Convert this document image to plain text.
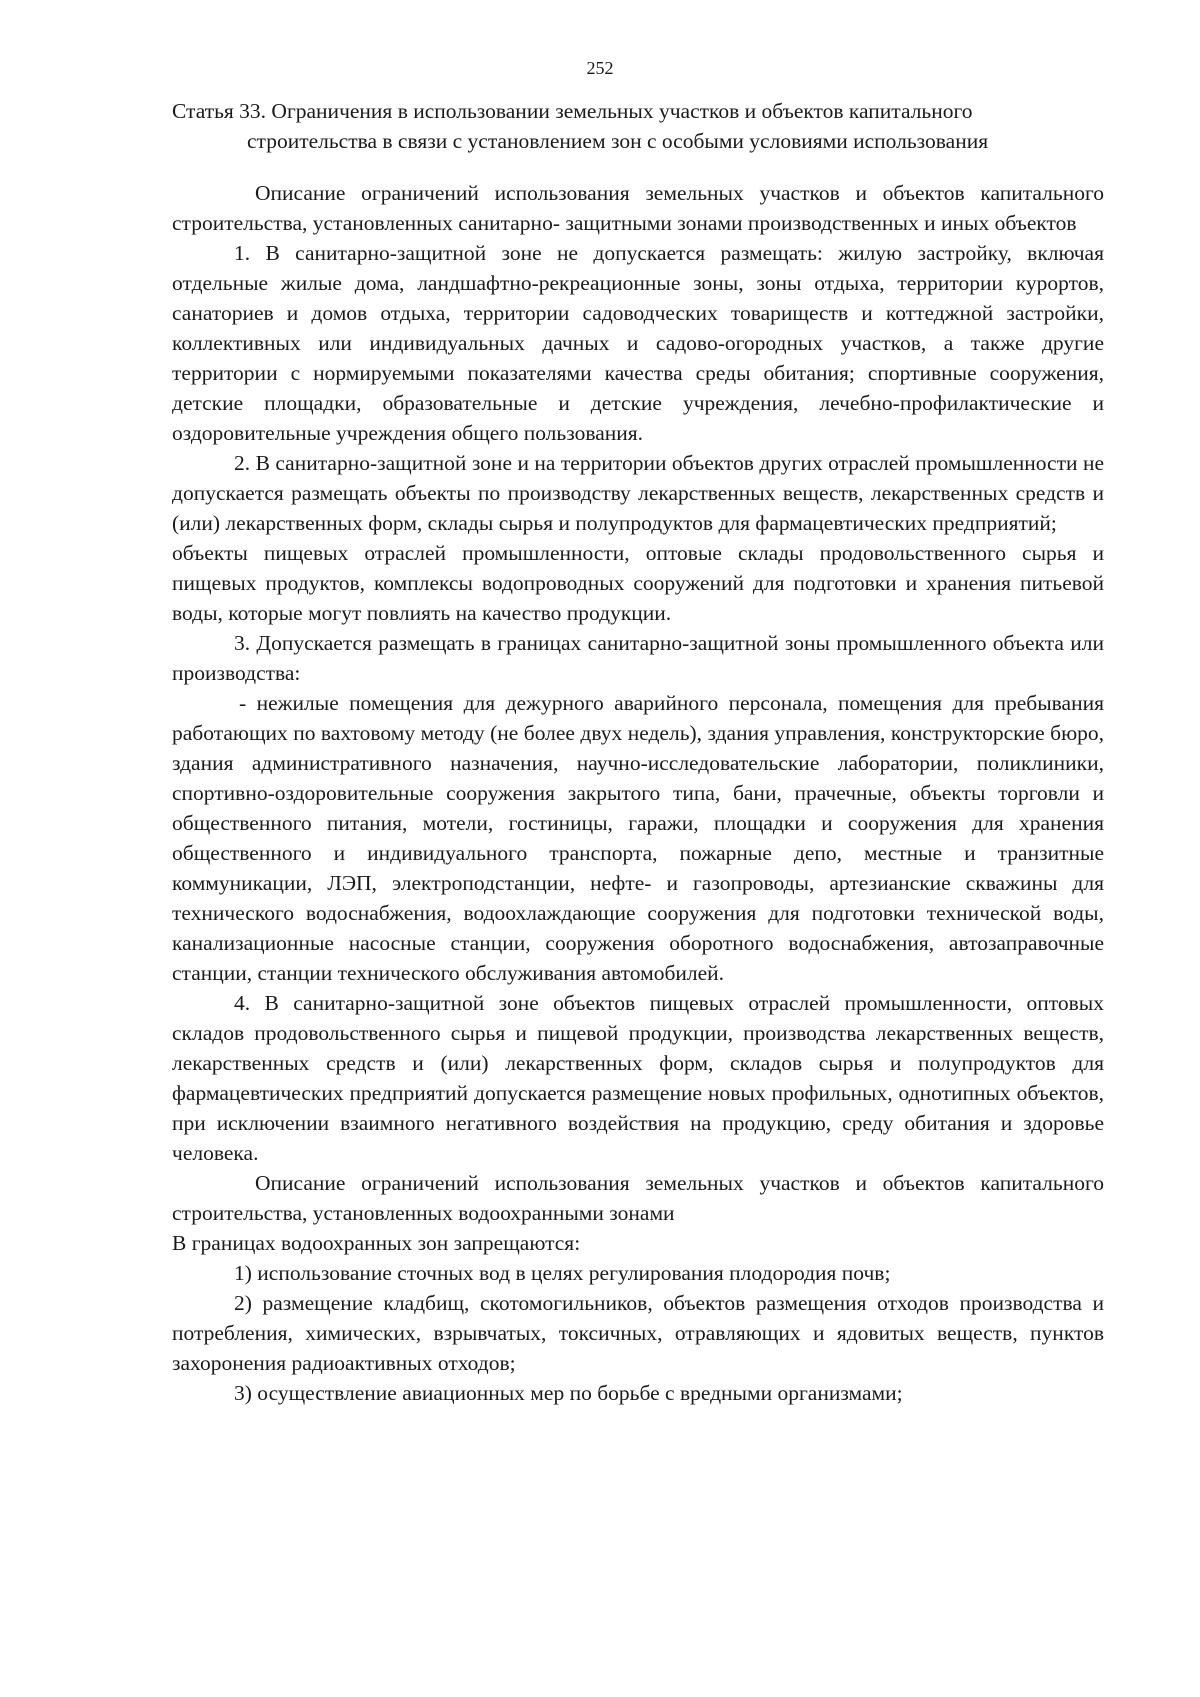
252

Статья 33. Ограничения в использовании земельных участков и объектов капитального
строительства в связи с установлением зон с особыми условиями использования

Описание ограничений использования земельных участков и объектов капитального строительства, установленных санитарно- защитными зонами производственных и иных объектов

1. В санитарно-защитной зоне не допускается размещать: жилую застройку, включая отдельные жилые дома, ландшафтно-рекреационные зоны, зоны отдыха, территории курортов, санаториев и домов отдыха, территории садоводческих товариществ и коттеджной застройки, коллективных или индивидуальных дачных и садово-огородных участков, а также другие территории с нормируемыми показателями качества среды обитания; спортивные сооружения, детские площадки, образовательные и детские учреждения, лечебно-профилактические и оздоровительные учреждения общего пользования.

2. В санитарно-защитной зоне и на территории объектов других отраслей промышленности не допускается размещать объекты по производству лекарственных веществ, лекарственных средств и (или) лекарственных форм, склады сырья и полупродуктов для фармацевтических предприятий;

объекты пищевых отраслей промышленности, оптовые склады продовольственного сырья и пищевых продуктов, комплексы водопроводных сооружений для подготовки и хранения питьевой воды, которые могут повлиять на качество продукции.

3. Допускается размещать в границах санитарно-защитной зоны промышленного объекта или производства:

- нежилые помещения для дежурного аварийного персонала, помещения для пребывания работающих по вахтовому методу (не более двух недель), здания управления, конструкторские бюро, здания административного назначения, научно-исследовательские лаборатории, поликлиники, спортивно-оздоровительные сооружения закрытого типа, бани, прачечные, объекты торговли и общественного питания, мотели, гостиницы, гаражи, площадки и сооружения для хранения общественного и индивидуального транспорта, пожарные депо, местные и транзитные коммуникации, ЛЭП, электроподстанции, нефте- и газопроводы, артезианские скважины для технического водоснабжения, водоохлаждающие сооружения для подготовки технической воды, канализационные насосные станции, сооружения оборотного водоснабжения, автозаправочные станции, станции технического обслуживания автомобилей.

4. В санитарно-защитной зоне объектов пищевых отраслей промышленности, оптовых складов продовольственного сырья и пищевой продукции, производства лекарственных веществ, лекарственных средств и (или) лекарственных форм, складов сырья и полупродуктов для фармацевтических предприятий допускается размещение новых профильных, однотипных объектов, при исключении взаимного негативного воздействия на продукцию, среду обитания и здоровье человека.

Описание ограничений использования земельных участков и объектов капитального строительства, установленных водоохранными зонами

В границах водоохранных зон запрещаются:

1) использование сточных вод в целях регулирования плодородия почв;

2) размещение кладбищ, скотомогильников, объектов размещения отходов производства и потребления, химических, взрывчатых, токсичных, отравляющих и ядовитых веществ, пунктов захоронения радиоактивных отходов;

3) осуществление авиационных мер по борьбе с вредными организмами;
